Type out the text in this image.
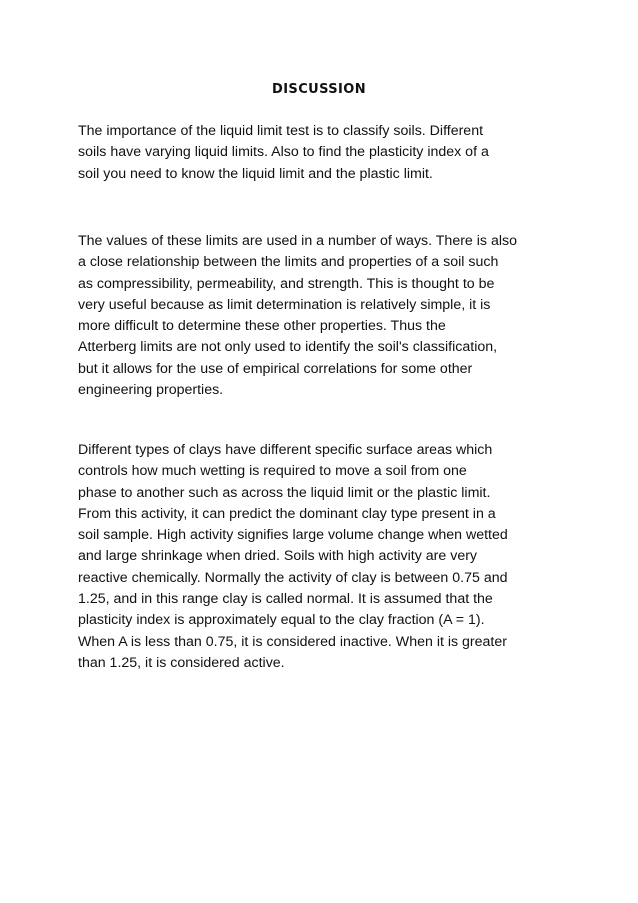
DISCUSSION
The importance of the liquid limit test is to classify soils. Different
soils have varying liquid limits. Also to find the plasticity index of a
soil you need to know the liquid limit and the plastic limit.
The values of these limits are used in a number of ways. There is also
a close relationship between the limits and properties of a soil such
as compressibility, permeability, and strength. This is thought to be
very useful because as limit determination is relatively simple, it is
more difficult to determine these other properties. Thus the
Atterberg limits are not only used to identify the soil's classification,
but it allows for the use of empirical correlations for some other
engineering properties.
Different types of clays have different specific surface areas which
controls how much wetting is required to move a soil from one
phase to another such as across the liquid limit or the plastic limit.
From this activity, it can predict the dominant clay type present in a
soil sample. High activity signifies large volume change when wetted
and large shrinkage when dried. Soils with high activity are very
reactive chemically. Normally the activity of clay is between 0.75 and
1.25, and in this range clay is called normal. It is assumed that the
plasticity index is approximately equal to the clay fraction (A = 1).
When A is less than 0.75, it is considered inactive. When it is greater
than 1.25, it is considered active.
